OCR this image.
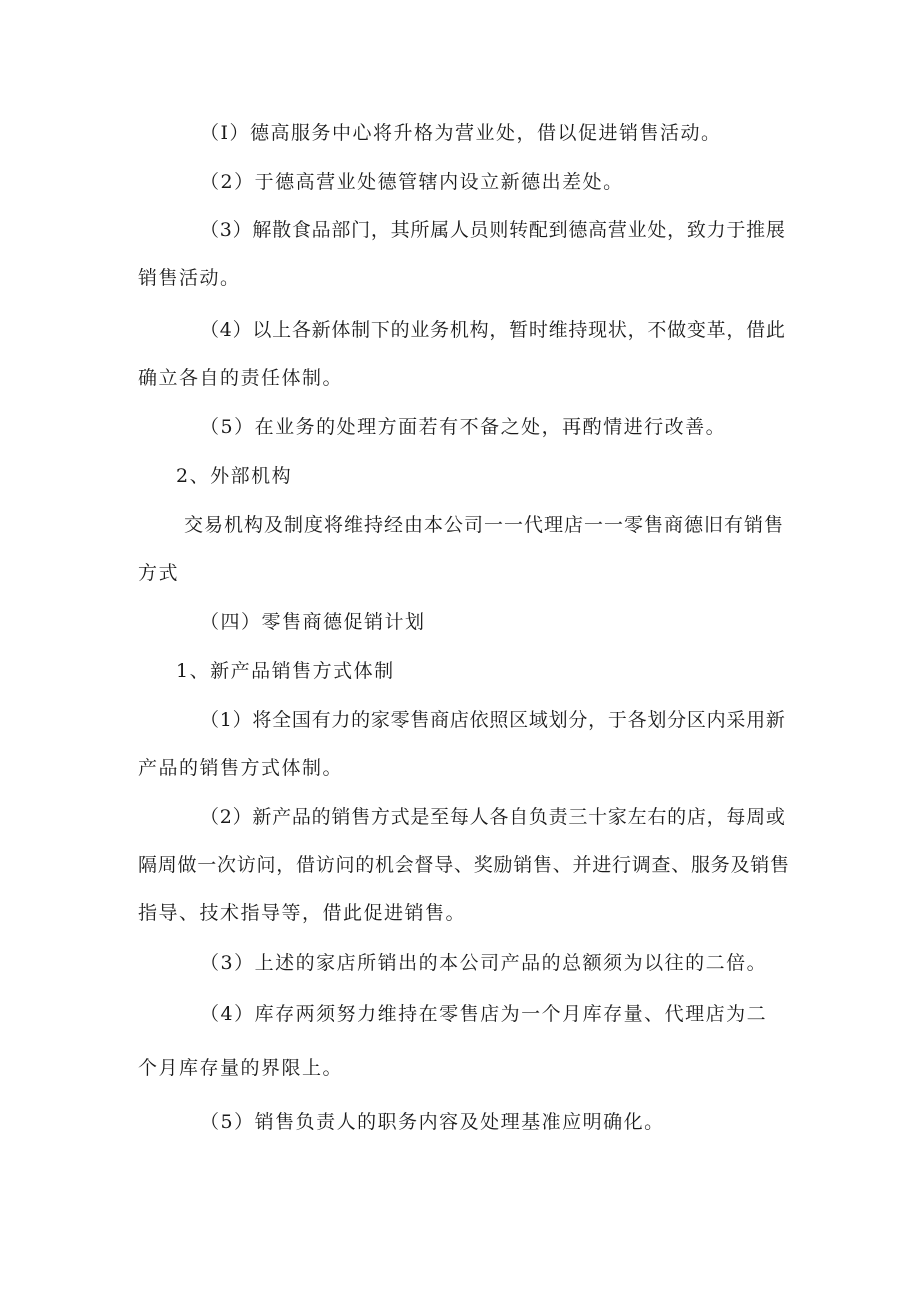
（I）德高服务中心将升格为营业处，借以促进销售活动。

（2）于德高营业处德管辖内设立新德出差处。

（3）解散食品部门，其所属人员则转配到德高营业处，致力于推展

销售活动。

（4）以上各新体制下的业务机构，暂时维持现状，不做变革，借此

确立各自的责任体制。

（5）在业务的处理方面若有不备之处，再酌情进行改善。

2、外部机构

交易机构及制度将维持经由本公司一一代理店一一零售商德旧有销售

方式

（四）零售商德促销计划

1、新产品销售方式体制

（1）将全国有力的家零售商店依照区域划分，于各划分区内采用新

产品的销售方式体制。

（2）新产品的销售方式是至每人各自负责三十家左右的店，每周或

隔周做一次访问，借访问的机会督导、奖励销售、并进行调查、服务及销售

指导、技术指导等，借此促进销售。

（3）上述的家店所销出的本公司产品的总额须为以往的二倍。

（4）库存两须努力维持在零售店为一个月库存量、代理店为二

个月库存量的界限上。

（5）销售负责人的职务内容及处理基准应明确化。
